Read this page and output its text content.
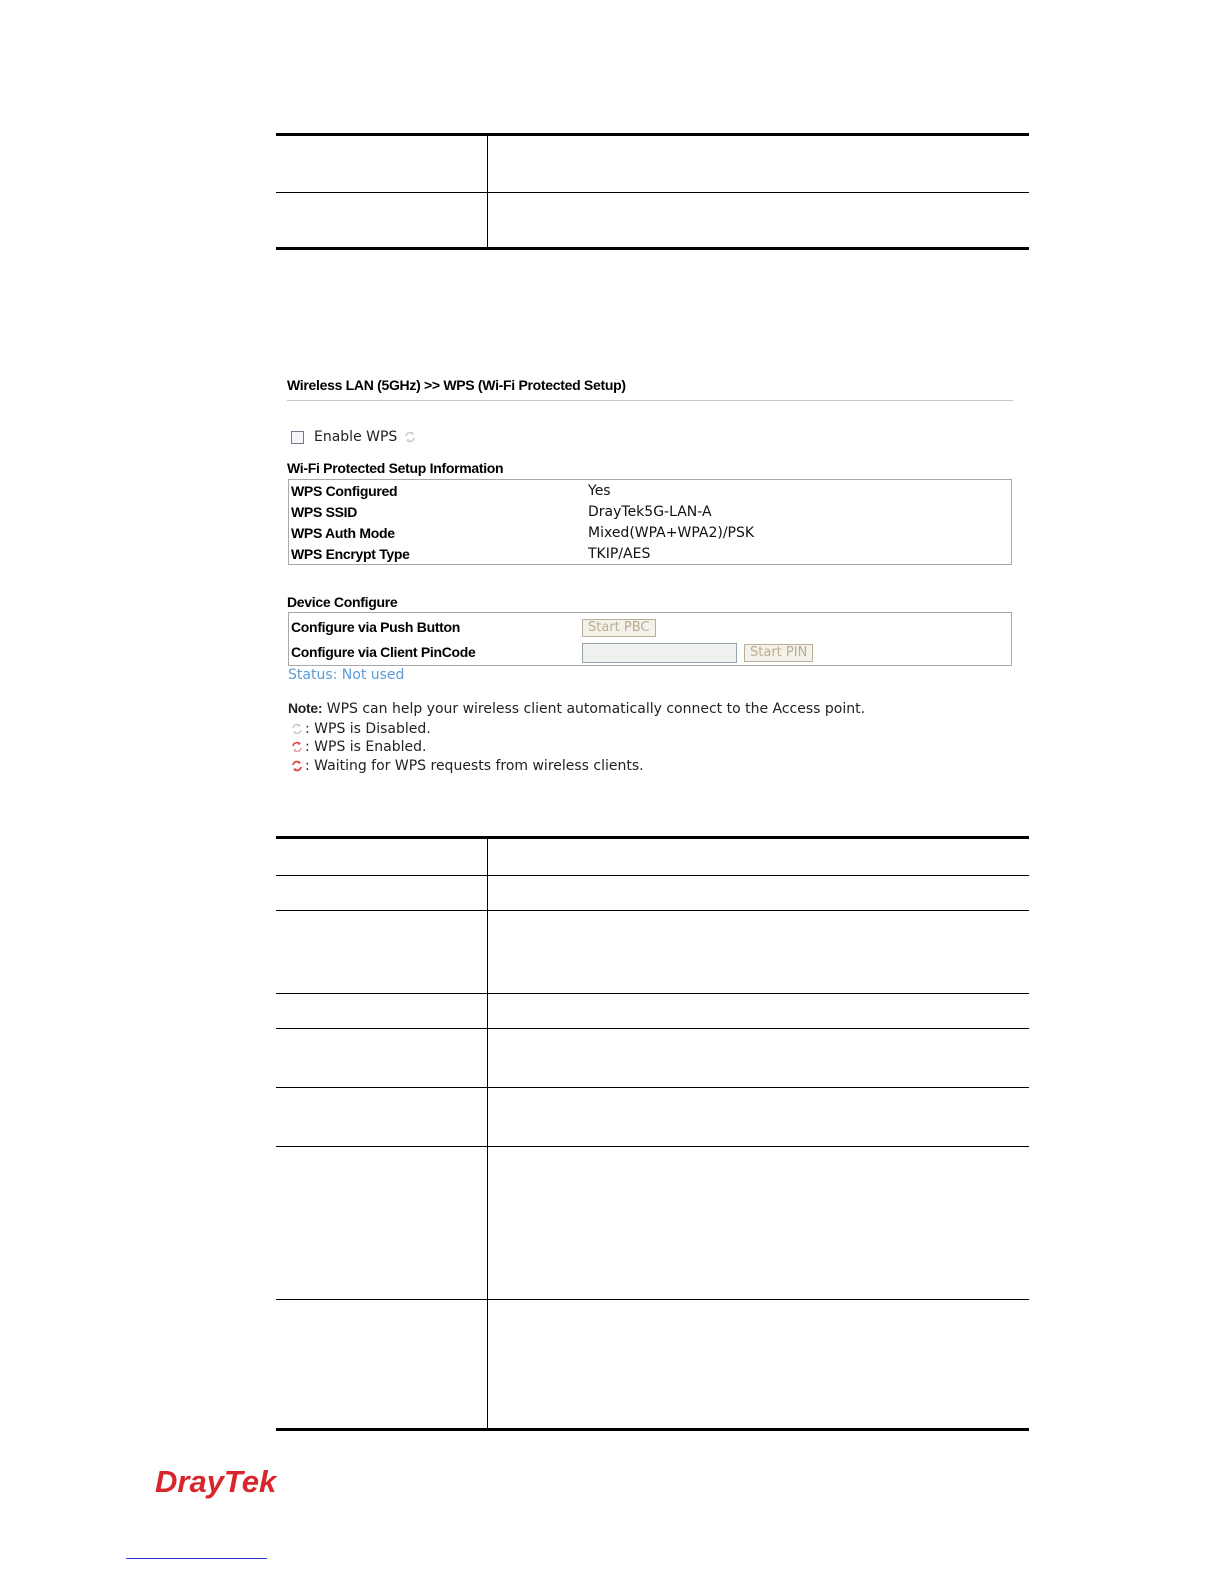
Wireless LAN (5GHz) >> WPS (Wi-Fi Protected Setup)
Enable WPS
Wi-Fi Protected Setup Information
WPS Configured	Yes
WPS SSID	DrayTek5G-LAN-A
WPS Auth Mode	Mixed(WPA+WPA2)/PSK
WPS Encrypt Type	TKIP/AES
Device Configure
Configure via Push Button	Start PBC
Configure via Client PinCode	Start PIN
Status: Not used
Note: WPS can help your wireless client automatically connect to the Access point.
: WPS is Disabled.
: WPS is Enabled.
: Waiting for WPS requests from wireless clients.

DrayTek
